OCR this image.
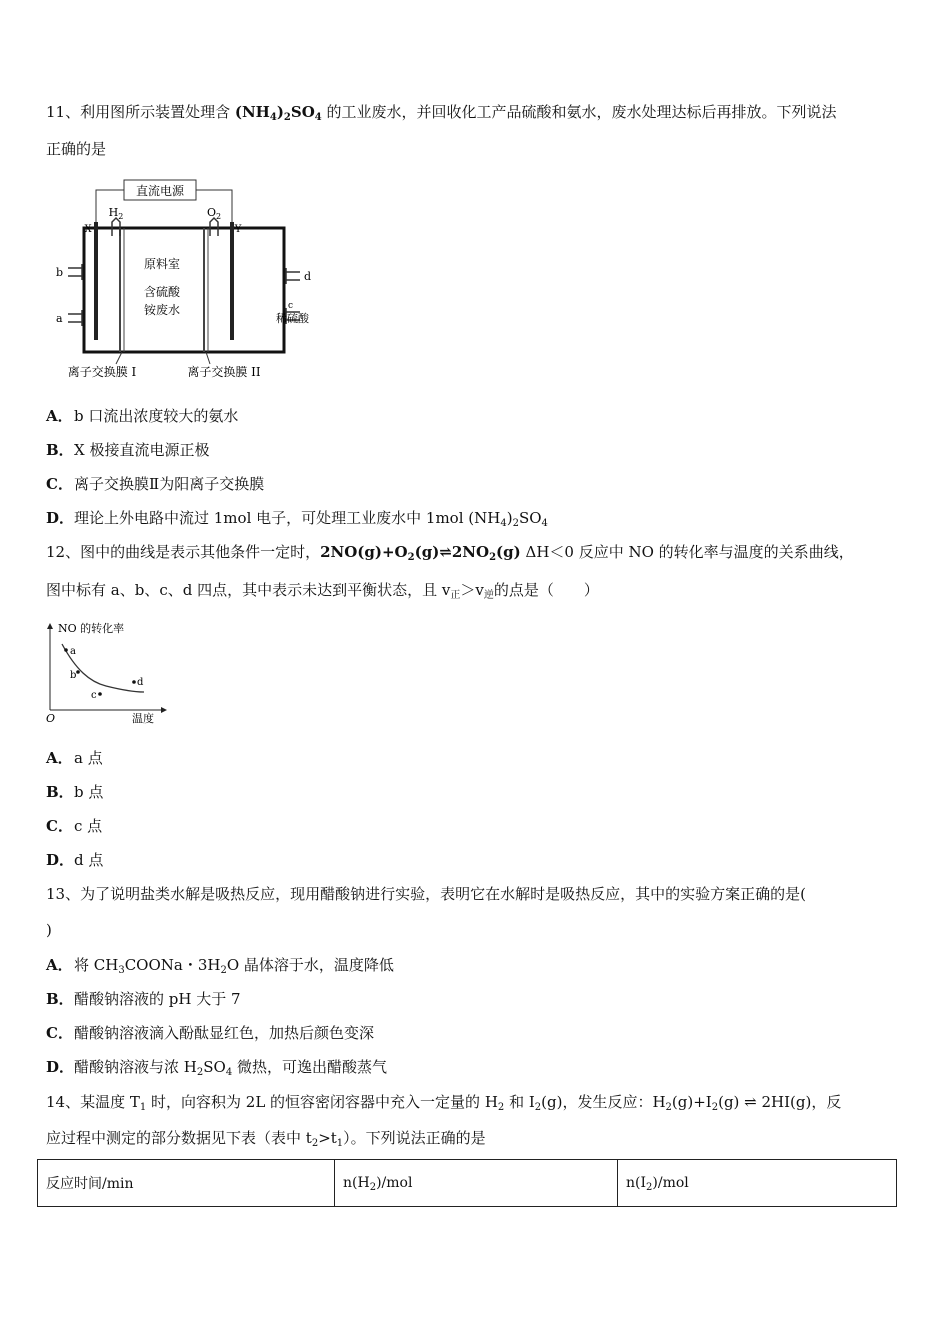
11、利用图所示装置处理含 $(NH_4)_2SO_4$ 的工业废水，并回收化工产品硫酸和氨水，废水处理达标后再排放。下列说法
正确的是
直流电源
$H_2$	$O_2$
X	Y
b
a
d
c
稀硫酸
原料室
含硫酸
铵废水
离子交换膜 I	离子交换膜 II
A．b 口流出浓度较大的氨水
B．X 极接直流电源正极
C．离子交换膜Ⅱ为阳离子交换膜
D．理论上外电路中流过 1mol 电子，可处理工业废水中 1mol $(NH_4)_2SO_4$
12、图中的曲线是表示其他条件一定时，$2NO(g)+O_2(g)\rightleftharpoons 2NO_2(g)$ ΔH＜0 反应中 NO 的转化率与温度的关系曲线，
图中标有 a、b、c、d 四点，其中表示未达到平衡状态，且 $v_正>v_逆$的点是（　　）
NO 的转化率
温度
O
a
b
c
d
A．a 点
B．b 点
C．c 点
D．d 点
13、为了说明盐类水解是吸热反应，现用醋酸钠进行实验，表明它在水解时是吸热反应，其中的实验方案正确的是(
)
A．将 $CH_3COONa$・$3H_2O$ 晶体溶于水，温度降低
B．醋酸钠溶液的 pH 大于 7
C．醋酸钠溶液滴入酚酞显红色，加热后颜色变深
D．醋酸钠溶液与浓 $H_2SO_4$ 微热，可逸出醋酸蒸气
14、某温度 $T_1$ 时，向容积为 2L 的恒容密闭容器中充入一定量的 $H_2$ 和 $I_2(g)$，发生反应：$H_2(g)+I_2(g)$ ⇌ 2HI(g)，反
应过程中测定的部分数据见下表（表中 $t_2>t_1$）。下列说法正确的是
反应时间/min	$n(H_2)$/mol	$n(I_2)$/mol
